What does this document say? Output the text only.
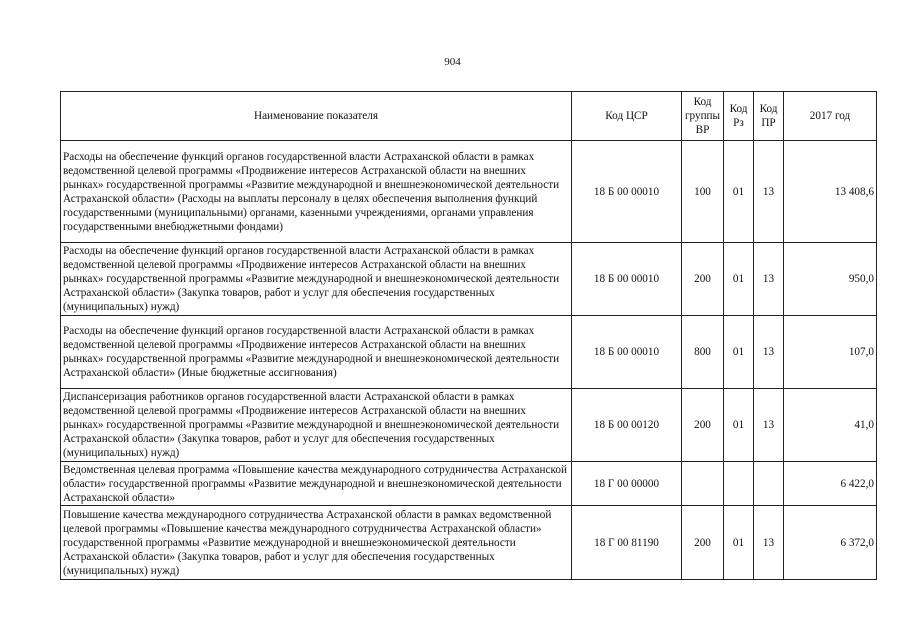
904
Наименование показателя	Код ЦСР	Код группы ВР	Код Рз	Код ПР	2017 год
Расходы на обеспечение функций органов государственной власти Астраханской области в рамках ведомственной целевой программы «Продвижение интересов Астраханской области на внешних рынках» государственной программы «Развитие международной и внешнеэкономической деятельности Астраханской области» (Расходы на выплаты персоналу в целях обеспечения выполнения функций государственными (муниципальными) органами, казенными учреждениями, органами управления государственными внебюджетными фондами)	18 Б 00 00010	100	01	13	13 408,6
Расходы на обеспечение функций органов государственной власти Астраханской области в рамках ведомственной целевой программы «Продвижение интересов Астраханской области на внешних рынках» государственной программы «Развитие международной и внешнеэкономической деятельности Астраханской области» (Закупка товаров, работ и услуг для обеспечения государственных (муниципальных) нужд)	18 Б 00 00010	200	01	13	950,0
Расходы на обеспечение функций органов государственной власти Астраханской области в рамках ведомственной целевой программы «Продвижение интересов Астраханской области на внешних рынках» государственной программы «Развитие международной и внешнеэкономической деятельности Астраханской области» (Иные бюджетные ассигнования)	18 Б 00 00010	800	01	13	107,0
Диспансеризация работников органов государственной власти Астраханской области в рамках ведомственной целевой программы «Продвижение интересов Астраханской области на внешних рынках» государственной программы «Развитие международной и внешнеэкономической деятельности Астраханской области» (Закупка товаров, работ и услуг для обеспечения государственных (муниципальных) нужд)	18 Б 00 00120	200	01	13	41,0
Ведомственная целевая программа «Повышение качества международного сотрудничества Астраханской области» государственной программы «Развитие международной и внешнеэкономической деятельности Астраханской области»	18 Г 00 00000				6 422,0
Повышение качества международного сотрудничества Астраханской области в рамках ведомственной целевой программы «Повышение качества международного сотрудничества Астраханской области» государственной программы «Развитие международной и внешнеэкономической деятельности Астраханской области» (Закупка товаров, работ и услуг для обеспечения государственных (муниципальных) нужд)	18 Г 00 81190	200	01	13	6 372,0
